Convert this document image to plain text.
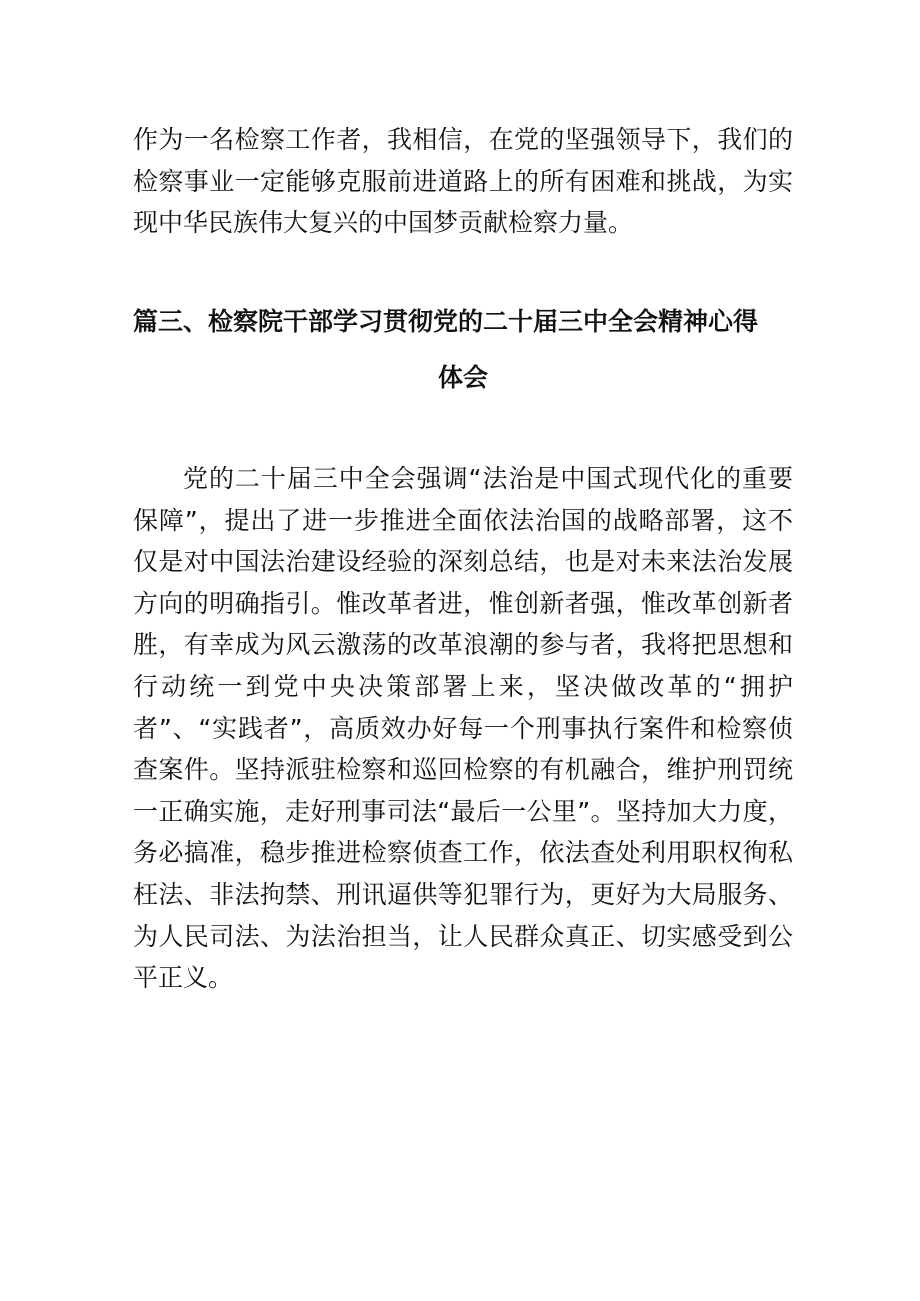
作为一名检察工作者，我相信，在党的坚强领导下，我们的检察事业一定能够克服前进道路上的所有困难和挑战，为实现中华民族伟大复兴的中国梦贡献检察力量。

篇三、检察院干部学习贯彻党的二十届三中全会精神心得
体会

党的二十届三中全会强调“法治是中国式现代化的重要保障”，提出了进一步推进全面依法治国的战略部署，这不仅是对中国法治建设经验的深刻总结，也是对未来法治发展方向的明确指引。惟改革者进，惟创新者强，惟改革创新者胜，有幸成为风云激荡的改革浪潮的参与者，我将把思想和行动统一到党中央决策部署上来，坚决做改革的“拥护者”、“实践者”，高质效办好每一个刑事执行案件和检察侦查案件。坚持派驻检察和巡回检察的有机融合，维护刑罚统一正确实施，走好刑事司法“最后一公里”。坚持加大力度，务必搞准，稳步推进检察侦查工作，依法查处利用职权徇私枉法、非法拘禁、刑讯逼供等犯罪行为，更好为大局服务、为人民司法、为法治担当，让人民群众真正、切实感受到公平正义。
